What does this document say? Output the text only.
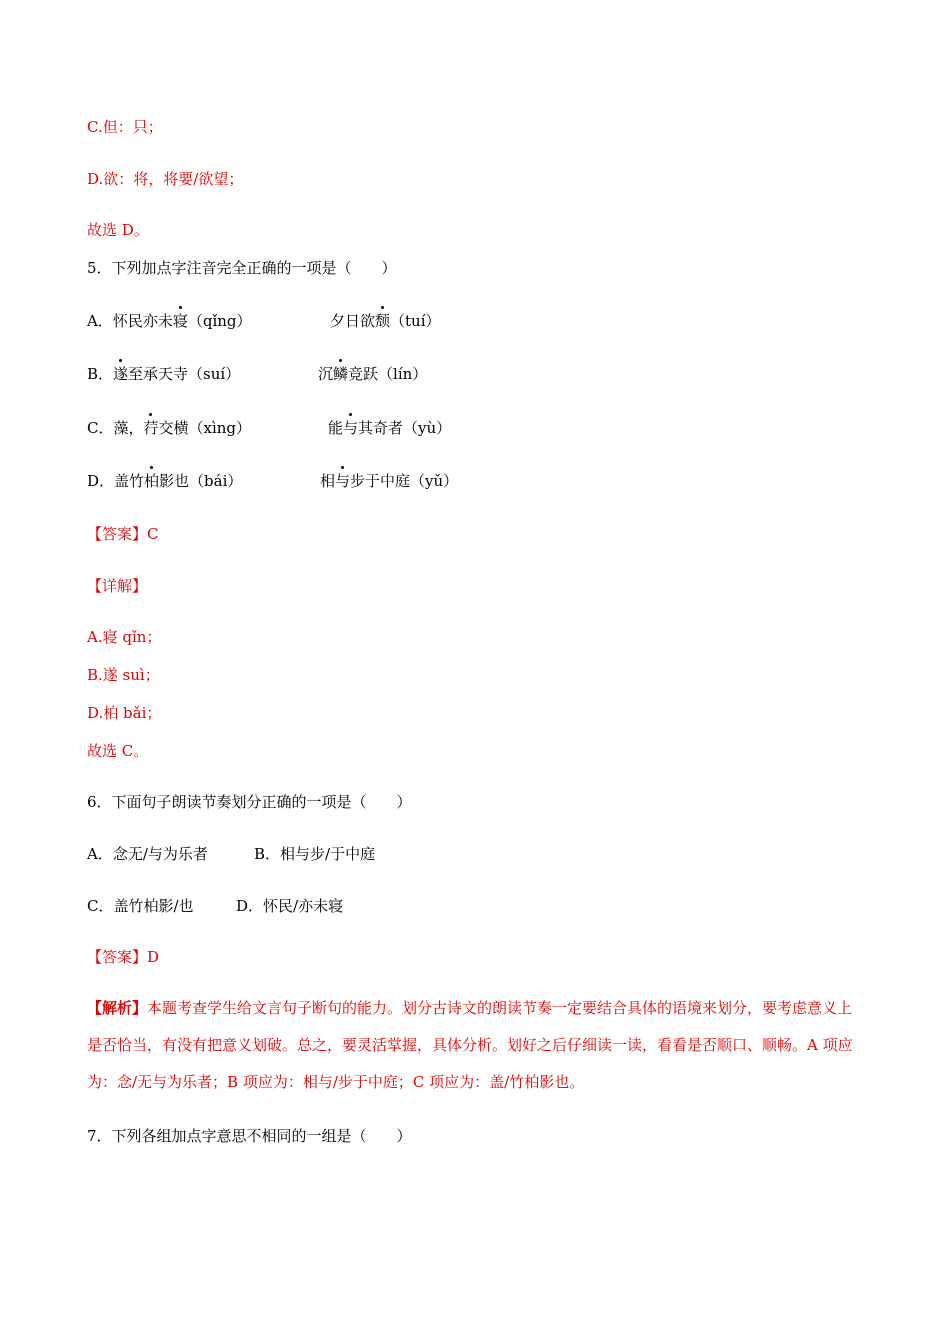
C.但：只；
D.欲：将，将要/欲望；
故选 D。
5．下列加点字注音完全正确的一项是（　　）
A．怀民亦未寝（qǐng）	夕日欲颓（tuí）
B．遂至承天寺（suí）	沉鳞竞跃（lín）
C．藻，荇交横（xìng）	能与其奇者（yù）
D．盖竹柏影也（bái）	相与步于中庭（yǔ）
【答案】C
【详解】
A.寝 qǐn；
B.遂 suì；
D.柏 bǎi；
故选 C。
6．下面句子朗读节奏划分正确的一项是（　　）
A．念无/与为乐者	B．相与步/于中庭
C．盖竹柏影/也	D．怀民/亦未寝
【答案】D
【解析】本题考查学生给文言句子断句的能力。划分古诗文的朗读节奏一定要结合具体的语境来划分，要考虑意义上是否恰当，有没有把意义划破。总之，要灵活掌握，具体分析。划好之后仔细读一读，看看是否顺口、顺畅。A 项应为：念/无与为乐者；B 项应为：相与/步于中庭；C 项应为：盖/竹柏影也。
7．下列各组加点字意思不相同的一组是（　　）
